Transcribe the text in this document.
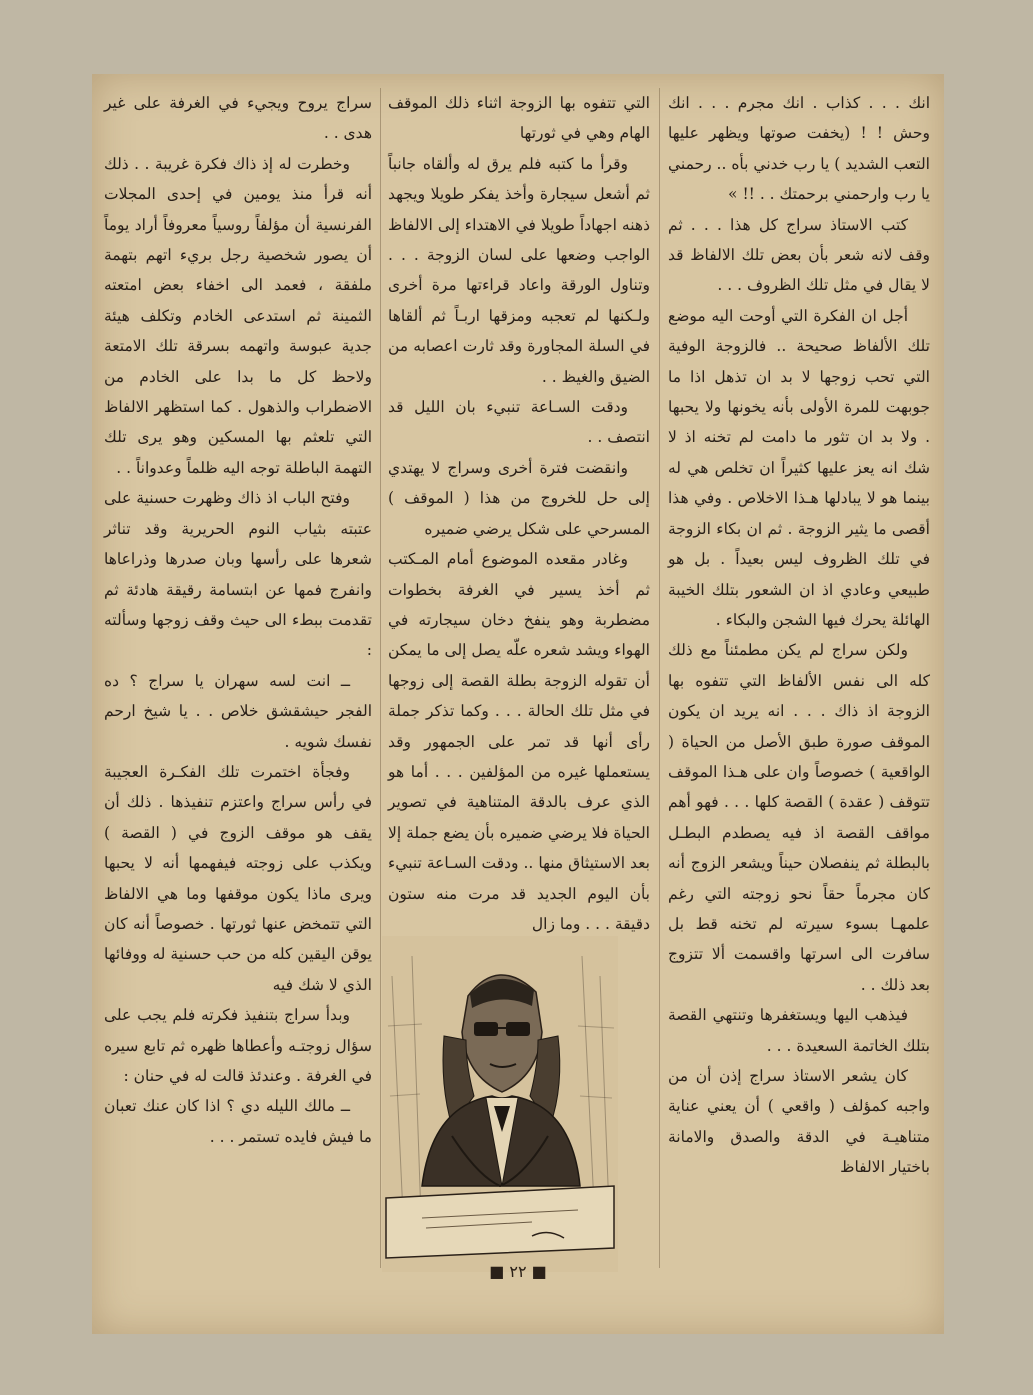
انك . . . كذاب . انك مجرم . . . انك وحش ! ! (يخفت صوتها ويظهر عليها التعب الشديد ) يا رب خدني بأه .. رحمني يا رب وارحمني برحمتك . . !! »

كتب الاستاذ سراج كل هذا . . . ثم وقف لانه شعر بأن بعض تلك الالفاظ قد لا يقال في مثل تلك الظروف . . .

أجل ان الفكرة التي أوحت اليه موضع تلك الألفاظ صحيحة .. فالزوجة الوفية التي تحب زوجها لا بد ان تذهل اذا ما جوبهت للمرة الأولى بأنه يخونها ولا يحبها . ولا بد ان تثور ما دامت لم تخنه اذ لا شك انه يعز عليها كثيراً ان تخلص هي له بينما هو لا يبادلها هـذا الاخلاص . وفي هذا أقصى ما يثير الزوجة . ثم ان بكاء الزوجة في تلك الظروف ليس بعيداً . بل هو طبيعي وعادي اذ ان الشعور بتلك الخيبة الهائلة يحرك فيها الشجن والبكاء .

ولكن سراج لم يكن مطمئناً مع ذلك كله الى نفس الألفاظ التي تتفوه بها الزوجة اذ ذاك . . . انه يريد ان يكون الموقف صورة طبق الأصل من الحياة ( الواقعية ) خصوصاً وان على هـذا الموقف تتوقف ( عقدة ) القصة كلها . . . فهو أهم مواقف القصة اذ فيه يصطدم البطـل بالبطلة ثم ينفصلان حيناً ويشعر الزوج أنه كان مجرماً حقاً نحو زوجته التي رغم علمهـا بسوء سيرته لم تخنه قط بل سافرت الى اسرتها واقسمت ألا تتزوج بعد ذلك . .

فيذهب اليها ويستغفرها وتنتهي القصة بتلك الخاتمة السعيدة . . .

كان يشعر الاستاذ سراج إذن أن من واجبه كمؤلف ( واقعي ) أن يعني عناية متناهيـة في الدقة والصدق والامانة باختيار الالفاظ

التي تتفوه بها الزوجة اثناء ذلك الموقف الهام وهي في ثورتها

وقرأ ما كتبه فلم يرق له وألقاه جانباً ثم أشعل سيجارة وأخذ يفكر طويلا ويجهد ذهنه اجهاداً طويلا في الاهتداء إلى الالفاظ الواجب وضعها على لسان الزوجة . . . وتناول الورقة واعاد قراءتها مرة أخرى ولـكنها لم تعجبه ومزقها اربـاً ثم ألقاها في السلة المجاورة وقد ثارت اعصابه من الضيق والغيظ . .

ودقت السـاعة تنبيء بان الليل قد انتصف . .

وانقضت فترة أخرى وسراج لا يهتدي إلى حل للخروج من هذا ( الموقف ) المسرحي على شكل يرضي ضميره

وغادر مقعده الموضوع أمام المـكتب ثم أخذ يسير في الغرفة بخطوات مضطربة وهو ينفخ دخان سيجارته في الهواء ويشد شعره علّه يصل إلى ما يمكن أن تقوله الزوجة بطلة القصة إلى زوجها في مثل تلك الحالة . . . وكما تذكر جملة رأى أنها قد تمر على الجمهور وقد يستعملها غيره من المؤلفين . . . أما هو الذي عرف بالدقة المتناهية في تصوير الحياة فلا يرضي ضميره بأن يضع جملة إلا بعد الاستيثاق منها .. ودقت السـاعة تنبيء بأن اليوم الجديد قد مرت منه ستون دقيقة . . . وما زال

سراج يروح ويجيء في الغرفة على غير هدى . .

وخطرت له إذ ذاك فكرة غريبة . . ذلك أنه قرأ منذ يومين في إحدى المجلات الفرنسية أن مؤلفاً روسياً معروفاً أراد يوماً أن يصور شخصية رجل بريء اتهم بتهمة ملفقة ، فعمد الى اخفاء بعض امتعته الثمينة ثم استدعى الخادم وتكلف هيئة جدية عبوسة واتهمه بسرقة تلك الامتعة ولاحظ كل ما بدا على الخادم من الاضطراب والذهول . كما استظهر الالفاظ التي تلعثم بها المسكين وهو يرى تلك التهمة الباطلة توجه اليه ظلماً وعدواناً . .

وفتح الباب اذ ذاك وظهرت حسنية على عتبته بثياب النوم الحريرية وقد تناثر شعرها على رأسها وبان صدرها وذراعاها وانفرج فمها عن ابتسامة رقيقة هادئة ثم تقدمت ببطء الى حيث وقف زوجها وسألته :

ــ انت لسه سهران يا سراج ؟ ده الفجر حيشقشق خلاص . . يا شيخ ارحم نفسك شويه .

وفجأة اختمرت تلك الفكـرة العجيبة في رأس سراج واعتزم تنفيذها . ذلك أن يقف هو موقف الزوج في ( القصة ) ويكذب على زوجته فيفهمها أنه لا يحبها ويرى ماذا يكون موقفها وما هي الالفاظ التي تتمخض عنها ثورتها . خصوصاً أنه كان يوقن اليقين كله من حب حسنية له ووفائها الذي لا شك فيه

وبدأ سراج بتنفيذ فكرته فلم يجب على سؤال زوجتـه وأعطاها ظهره ثم تابع سيره في الغرفة . وعندئذ قالت له في حنان :

ــ مالك الليله دي ؟ اذا كان عنك تعبان ما فيش فايده تستمر . . .

■ ٢٢ ■
